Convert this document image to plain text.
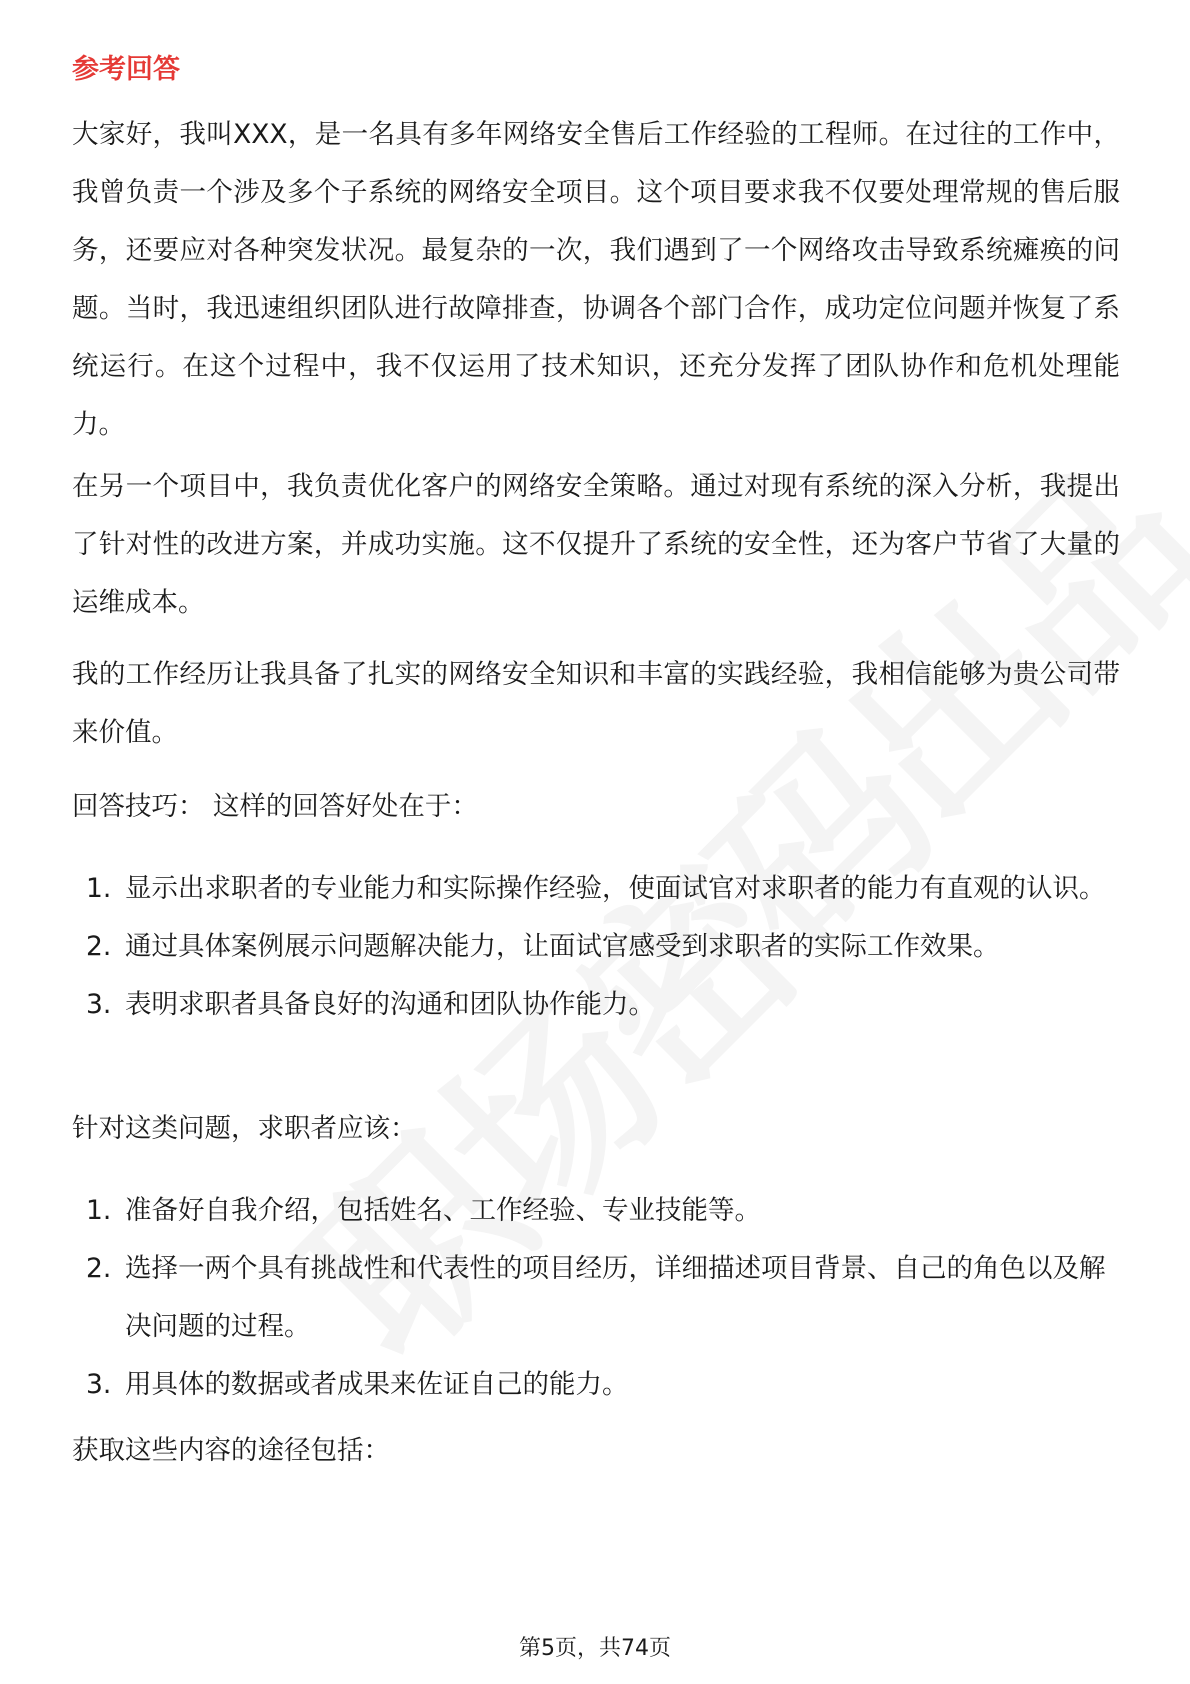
参考回答

大家好，我叫XXX，是一名具有多年网络安全售后工作经验的工程师。在过往的工作中，我曾负责一个涉及多个子系统的网络安全项目。这个项目要求我不仅要处理常规的售后服务，还要应对各种突发状况。最复杂的一次，我们遇到了一个网络攻击导致系统瘫痪的问题。当时，我迅速组织团队进行故障排查，协调各个部门合作，成功定位问题并恢复了系统运行。在这个过程中，我不仅运用了技术知识，还充分发挥了团队协作和危机处理能力。

在另一个项目中，我负责优化客户的网络安全策略。通过对现有系统的深入分析，我提出了针对性的改进方案，并成功实施。这不仅提升了系统的安全性，还为客户节省了大量的运维成本。

我的工作经历让我具备了扎实的网络安全知识和丰富的实践经验，我相信能够为贵公司带来价值。

回答技巧： 这样的回答好处在于：

1. 显示出求职者的专业能力和实际操作经验，使面试官对求职者的能力有直观的认识。
2. 通过具体案例展示问题解决能力，让面试官感受到求职者的实际工作效果。
3. 表明求职者具备良好的沟通和团队协作能力。

针对这类问题，求职者应该：

1. 准备好自我介绍，包括姓名、工作经验、专业技能等。
2. 选择一两个具有挑战性和代表性的项目经历，详细描述项目背景、自己的角色以及解决问题的过程。
3. 用具体的数据或者成果来佐证自己的能力。

获取这些内容的途径包括：

第5页，共74页
